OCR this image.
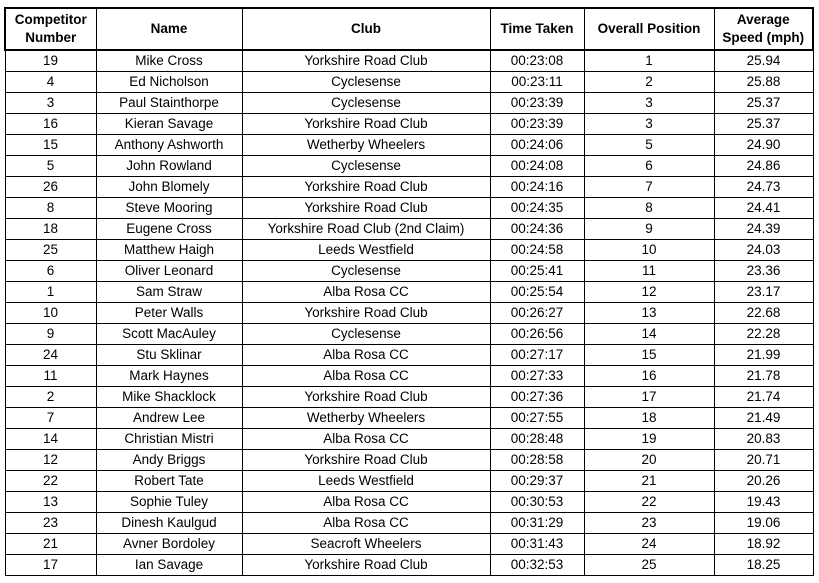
Competitor Number	Name	Club	Time Taken	Overall Position	Average Speed (mph)
19	Mike Cross	Yorkshire Road Club	00:23:08	1	25.94
4	Ed Nicholson	Cyclesense	00:23:11	2	25.88
3	Paul Stainthorpe	Cyclesense	00:23:39	3	25.37
16	Kieran Savage	Yorkshire Road Club	00:23:39	3	25.37
15	Anthony Ashworth	Wetherby Wheelers	00:24:06	5	24.90
5	John Rowland	Cyclesense	00:24:08	6	24.86
26	John Blomely	Yorkshire Road Club	00:24:16	7	24.73
8	Steve Mooring	Yorkshire Road Club	00:24:35	8	24.41
18	Eugene Cross	Yorkshire Road Club (2nd Claim)	00:24:36	9	24.39
25	Matthew Haigh	Leeds Westfield	00:24:58	10	24.03
6	Oliver Leonard	Cyclesense	00:25:41	11	23.36
1	Sam Straw	Alba Rosa CC	00:25:54	12	23.17
10	Peter Walls	Yorkshire Road Club	00:26:27	13	22.68
9	Scott MacAuley	Cyclesense	00:26:56	14	22.28
24	Stu Sklinar	Alba Rosa CC	00:27:17	15	21.99
11	Mark Haynes	Alba Rosa CC	00:27:33	16	21.78
2	Mike Shacklock	Yorkshire Road Club	00:27:36	17	21.74
7	Andrew Lee	Wetherby Wheelers	00:27:55	18	21.49
14	Christian Mistri	Alba Rosa CC	00:28:48	19	20.83
12	Andy Briggs	Yorkshire Road Club	00:28:58	20	20.71
22	Robert Tate	Leeds Westfield	00:29:37	21	20.26
13	Sophie Tuley	Alba Rosa CC	00:30:53	22	19.43
23	Dinesh Kaulgud	Alba Rosa CC	00:31:29	23	19.06
21	Avner Bordoley	Seacroft Wheelers	00:31:43	24	18.92
17	Ian Savage	Yorkshire Road Club	00:32:53	25	18.25
